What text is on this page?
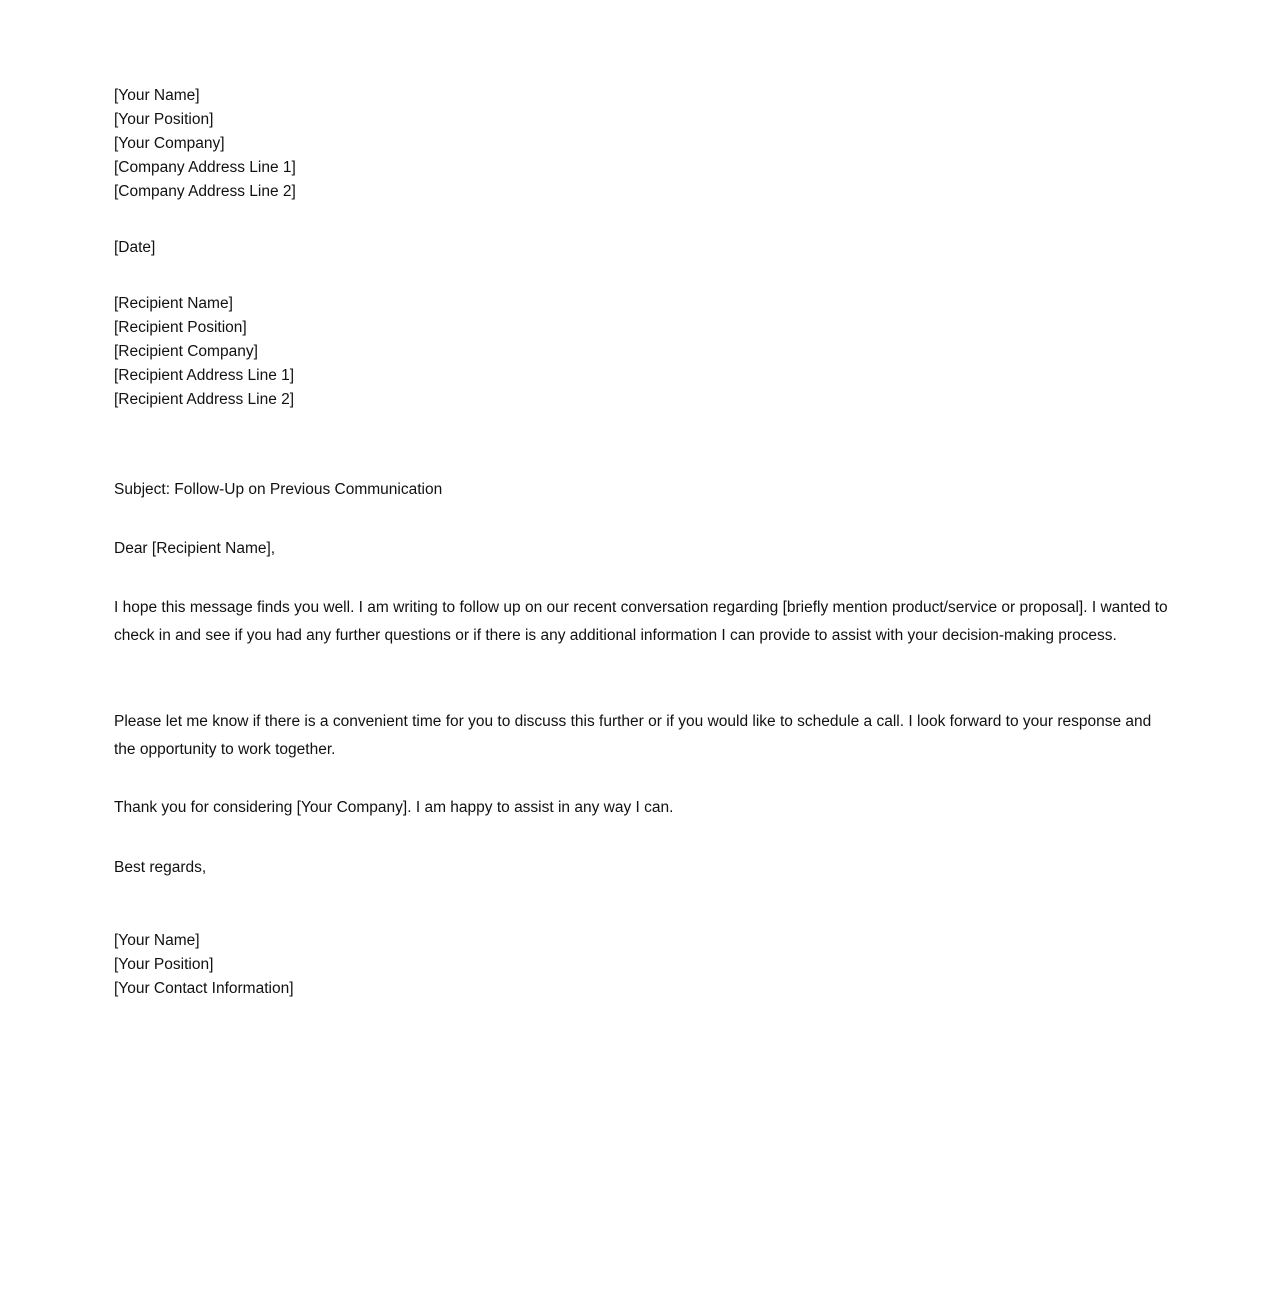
[Your Name]
[Your Position]
[Your Company]
[Company Address Line 1]
[Company Address Line 2]
[Date]
[Recipient Name]
[Recipient Position]
[Recipient Company]
[Recipient Address Line 1]
[Recipient Address Line 2]
Subject: Follow-Up on Previous Communication
Dear [Recipient Name],

I hope this message finds you well. I am writing to follow up on our recent conversation regarding [briefly mention product/service or proposal]. I wanted to check in and see if you had any further questions or if there is any additional information I can provide to assist with your decision-making process.

Please let me know if there is a convenient time for you to discuss this further or if you would like to schedule a call. I look forward to your response and the opportunity to work together.

Thank you for considering [Your Company]. I am happy to assist in any way I can.

Best regards,
[Your Name]
[Your Position]
[Your Contact Information]
